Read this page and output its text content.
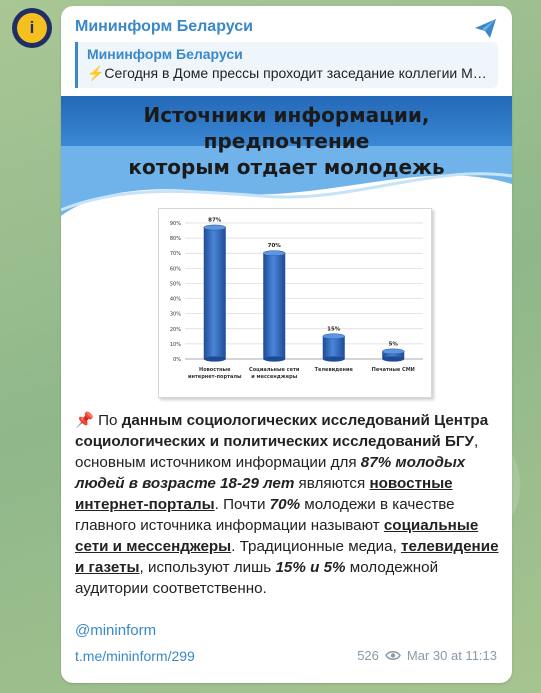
i	Мининформ Беларуси
Мининформ Беларуси
⚡Сегодня в Доме прессы проходит заседание коллегии М…
Источники информации, предпочтение
которым отдает молодежь
0%
10%
20%
30%
40%
50%
60%
70%
80%
90%
87%
Новостные
интернет-порталы
70%
Социальные сети
и мессенджеры
15%
Телевидение
5%
Печатные СМИ
📌 По данным социологических исследований Центра социологических и политических исследований БГУ, основным источником информации для 87% молодых людей в возрасте 18-29 лет являются новостные интернет-порталы. Почти 70% молодежи в качестве главного источника информации называют социальные сети и мессенджеры. Традиционные медиа, телевидение и газеты, используют лишь 15% и 5% молодежной аудитории соответственно.
@mininform
t.me/mininform/299	526 Mar 30 at 11:13
